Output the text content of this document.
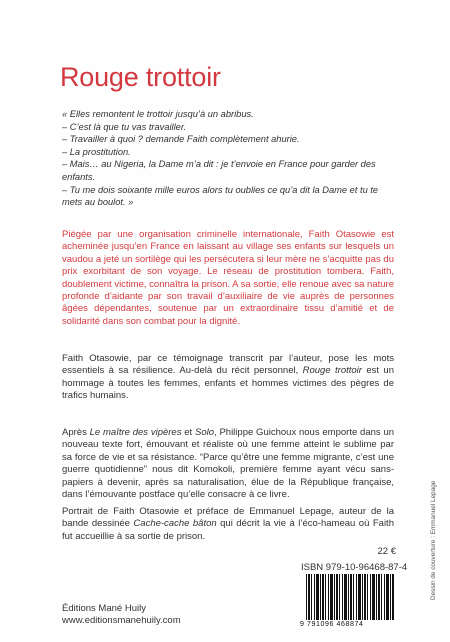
Rouge trottoir
« Elles remontent le trottoir jusqu’à un abribus.
– C’est là que tu vas travailler.
– Travailler à quoi ? demande Faith complètement ahurie.
– La prostitution.
– Mais… au Nigeria, la Dame m’a dit : je t’envoie en France pour garder des enfants.
– Tu me dois soixante mille euros alors tu oublies ce qu’a dit la Dame et tu te mets au boulot. »
Piégée par une organisation criminelle internationale, Faith Otasowie est acheminée jusqu’en France en laissant au village ses enfants sur lesquels un vaudou a jeté un sortilège qui les persécutera si leur mère ne s’acquitte pas du prix exorbitant de son voyage. Le réseau de prostitution tombera. Faith, doublement victime, connaîtra la prison. A sa sortie, elle renoue avec sa nature profonde d’aidante par son travail d’auxiliaire de vie auprès de personnes âgées dépendantes, soutenue par un extraordinaire tissu d’amitié et de solidarité dans son combat pour la dignité.
Faith Otasowie, par ce témoignage transcrit par l’auteur, pose les mots essentiels à sa résilience. Au-delà du récit personnel, Rouge trottoir est un hommage à toutes les femmes, enfants et hommes victimes des pègres de trafics humains.
Après Le maître des vipères et Solo, Philippe Guichoux nous emporte dans un nouveau texte fort, émouvant et réaliste où une femme atteint le sublime par sa force de vie et sa résistance. “Parce qu’être une femme migrante, c’est une guerre quotidienne” nous dit Komokoli, première femme ayant vécu sans-papiers à devenir, après sa naturalisation, élue de la République française, dans l’émouvante postface qu’elle consacre à ce livre.
Portrait de Faith Otasowie et préface de Emmanuel Lepage, auteur de la bande dessinée Cache-cache bâton qui décrit la vie à l’éco-hameau où Faith fut accueillie à sa sortie de prison.
22 €
ISBN 979-10-96468-87-4
Éditions Mané Huily
www.editionsmanehuily.com	9 791096 468874
Dessin de couverture : Emmanuel Lepage
